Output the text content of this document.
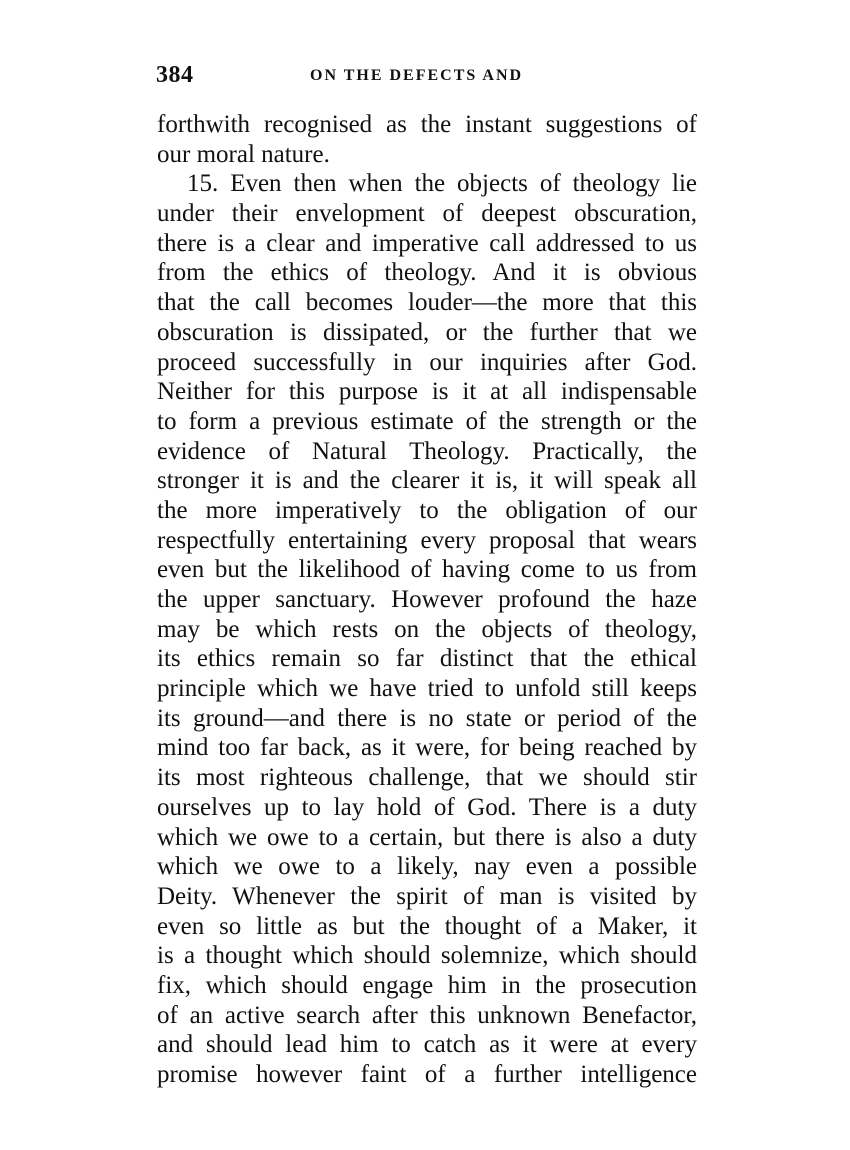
384	ON THE DEFECTS AND
forthwith recognised as the instant suggestions of
our moral nature.
15. Even then when the objects of theology lie
under their envelopment of deepest obscuration,
there is a clear and imperative call addressed to us
from the ethics of theology. And it is obvious
that the call becomes louder—the more that this
obscuration is dissipated, or the further that we
proceed successfully in our inquiries after God.
Neither for this purpose is it at all indispensable
to form a previous estimate of the strength or the
evidence of Natural Theology. Practically, the
stronger it is and the clearer it is, it will speak all
the more imperatively to the obligation of our
respectfully entertaining every proposal that wears
even but the likelihood of having come to us from
the upper sanctuary. However profound the haze
may be which rests on the objects of theology,
its ethics remain so far distinct that the ethical
principle which we have tried to unfold still keeps
its ground—and there is no state or period of the
mind too far back, as it were, for being reached by
its most righteous challenge, that we should stir
ourselves up to lay hold of God. There is a duty
which we owe to a certain, but there is also a duty
which we owe to a likely, nay even a possible
Deity. Whenever the spirit of man is visited by
even so little as but the thought of a Maker, it
is a thought which should solemnize, which should
fix, which should engage him in the prosecution
of an active search after this unknown Benefactor,
and should lead him to catch as it were at every
promise however faint of a further intelligence
